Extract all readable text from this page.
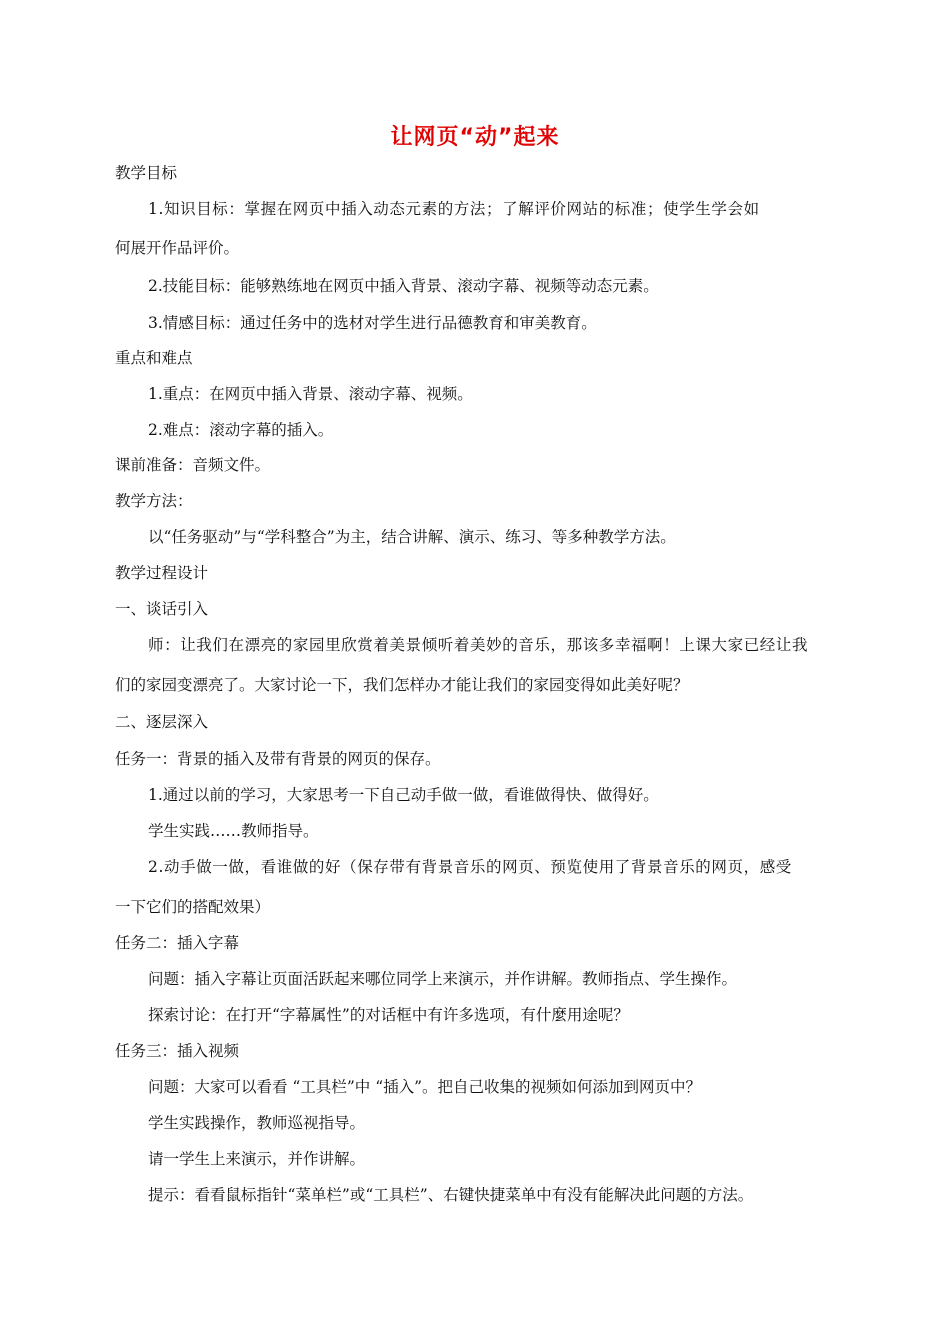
让网页“动”起来
教学目标
1.知识目标：掌握在网页中插入动态元素的方法；了解评价网站的标准；使学生学会如
何展开作品评价。
2.技能目标：能够熟练地在网页中插入背景、滚动字幕、视频等动态元素。
3.情感目标：通过任务中的选材对学生进行品德教育和审美教育。
重点和难点
1.重点：在网页中插入背景、滚动字幕、视频。
2.难点：滚动字幕的插入。
课前准备：音频文件。
教学方法：
以“任务驱动”与“学科整合”为主，结合讲解、演示、练习、等多种教学方法。
教学过程设计
一、谈话引入
师：让我们在漂亮的家园里欣赏着美景倾听着美妙的音乐，那该多幸福啊！上课大家已经让我
们的家园变漂亮了。大家讨论一下，我们怎样办才能让我们的家园变得如此美好呢？
二、逐层深入
任务一：背景的插入及带有背景的网页的保存。
1.通过以前的学习，大家思考一下自己动手做一做，看谁做得快、做得好。
学生实践……教师指导。
2.动手做一做，看谁做的好（保存带有背景音乐的网页、预览使用了背景音乐的网页，感受
一下它们的搭配效果）
任务二：插入字幕
问题：插入字幕让页面活跃起来哪位同学上来演示，并作讲解。教师指点、学生操作。
探索讨论：在打开“字幕属性”的对话框中有许多选项，有什麼用途呢？
任务三：插入视频
问题：大家可以看看 “工具栏”中 “插入”。把自己收集的视频如何添加到网页中？
学生实践操作，教师巡视指导。
请一学生上来演示，并作讲解。
提示：看看鼠标指针“菜单栏”或“工具栏”、右键快捷菜单中有没有能解决此问题的方法。
